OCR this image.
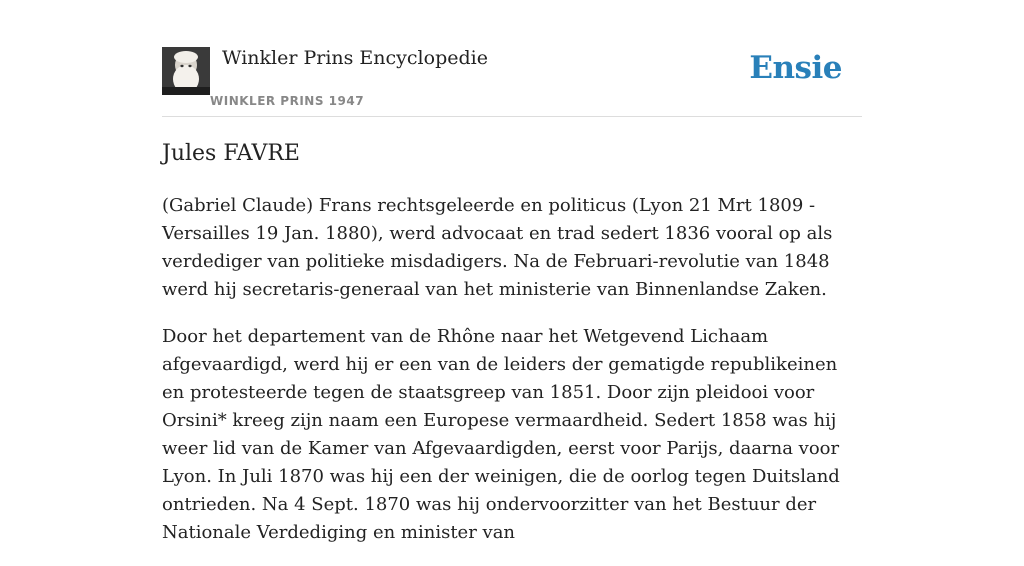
Winkler Prins Encyclopedie
WINKLER PRINS 1947
Ensie
Jules FAVRE

(Gabriel Claude) Frans rechtsgeleerde en politicus (Lyon 21 Mrt 1809 - Versailles 19 Jan. 1880), werd advocaat en trad sedert 1836 vooral op als verdediger van politieke misdadigers. Na de Februari-revolutie van 1848 werd hij secretaris-generaal van het ministerie van Binnenlandse Zaken.

Door het departement van de Rhône naar het Wetgevend Lichaam afgevaardigd, werd hij er een van de leiders der gematigde republikeinen en protesteerde tegen de staatsgreep van 1851. Door zijn pleidooi voor Orsini* kreeg zijn naam een Europese vermaardheid. Sedert 1858 was hij weer lid van de Kamer van Afgevaardigden, eerst voor Parijs, daarna voor Lyon. In Juli 1870 was hij een der weinigen, die de oorlog tegen Duitsland ontrieden. Na 4 Sept. 1870 was hij ondervoorzitter van het Bestuur der Nationale Verdediging en minister van
